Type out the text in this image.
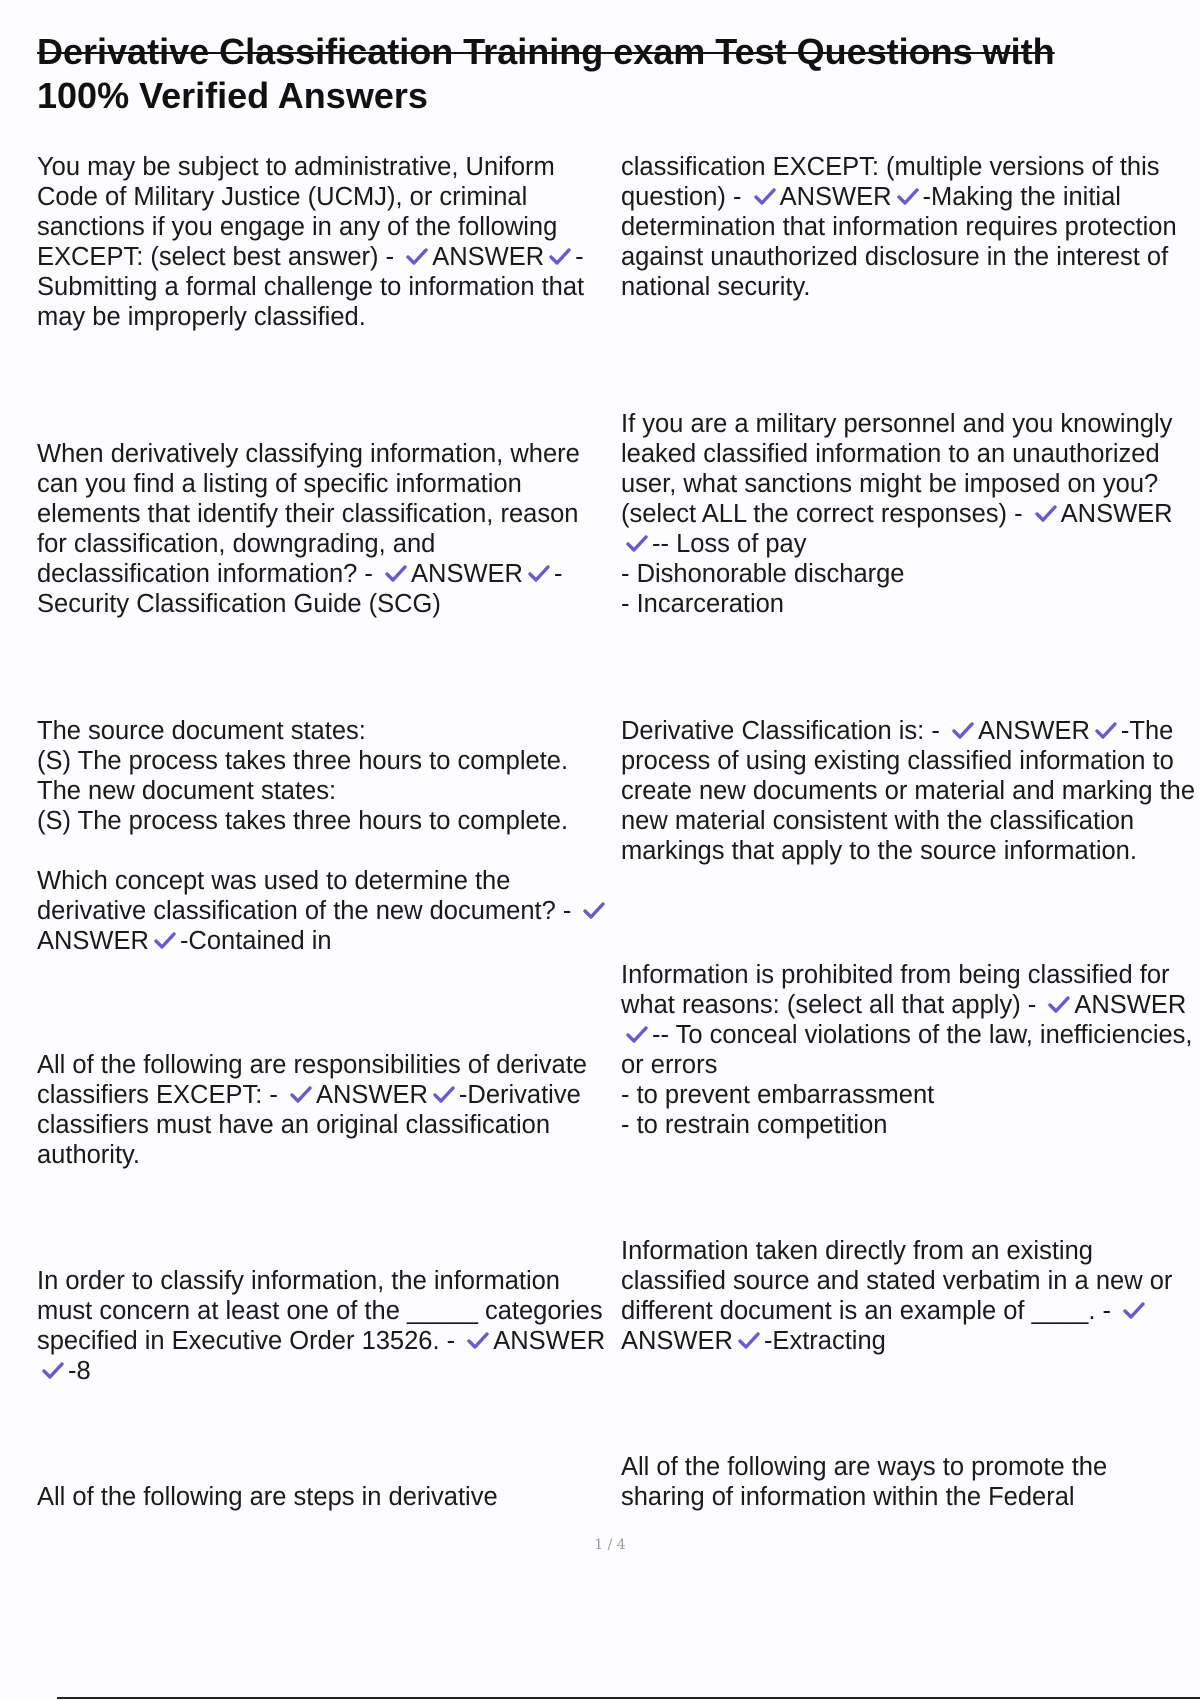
Derivative Classification Training exam Test Questions with
100% Verified Answers

You may be subject to administrative, Uniform Code of Military Justice (UCMJ), or criminal sanctions if you engage in any of the following EXCEPT: (select best answer) - ANSWER -Submitting a formal challenge to information that may be improperly classified.

When derivatively classifying information, where can you find a listing of specific information elements that identify their classification, reason for classification, downgrading, and declassification information? - ANSWER -Security Classification Guide (SCG)

The source document states:
(S) The process takes three hours to complete.
The new document states:
(S) The process takes three hours to complete.
Which concept was used to determine the derivative classification of the new document? -
ANSWER -Contained in

All of the following are responsibilities of derivate classifiers EXCEPT: - ANSWER -Derivative classifiers must have an original classification authority.

In order to classify information, the information must concern at least one of the _____ categories specified in Executive Order 13526. - ANSWER
-8

All of the following are steps in derivative

classification EXCEPT: (multiple versions of this question) - ANSWER -Making the initial determination that information requires protection against unauthorized disclosure in the interest of national security.

If you are a military personnel and you knowingly leaked classified information to an unauthorized user, what sanctions might be imposed on you? (select ALL the correct responses) - ANSWER
-- Loss of pay
- Dishonorable discharge
- Incarceration

Derivative Classification is: - ANSWER -The process of using existing classified information to create new documents or material and marking the new material consistent with the classification markings that apply to the source information.

Information is prohibited from being classified for what reasons: (select all that apply) - ANSWER
-- To conceal violations of the law, inefficiencies, or errors
- to prevent embarrassment
- to restrain competition

Information taken directly from an existing classified source and stated verbatim in a new or different document is an example of ____. -
ANSWER -Extracting

All of the following are ways to promote the sharing of information within the Federal

1 / 4
